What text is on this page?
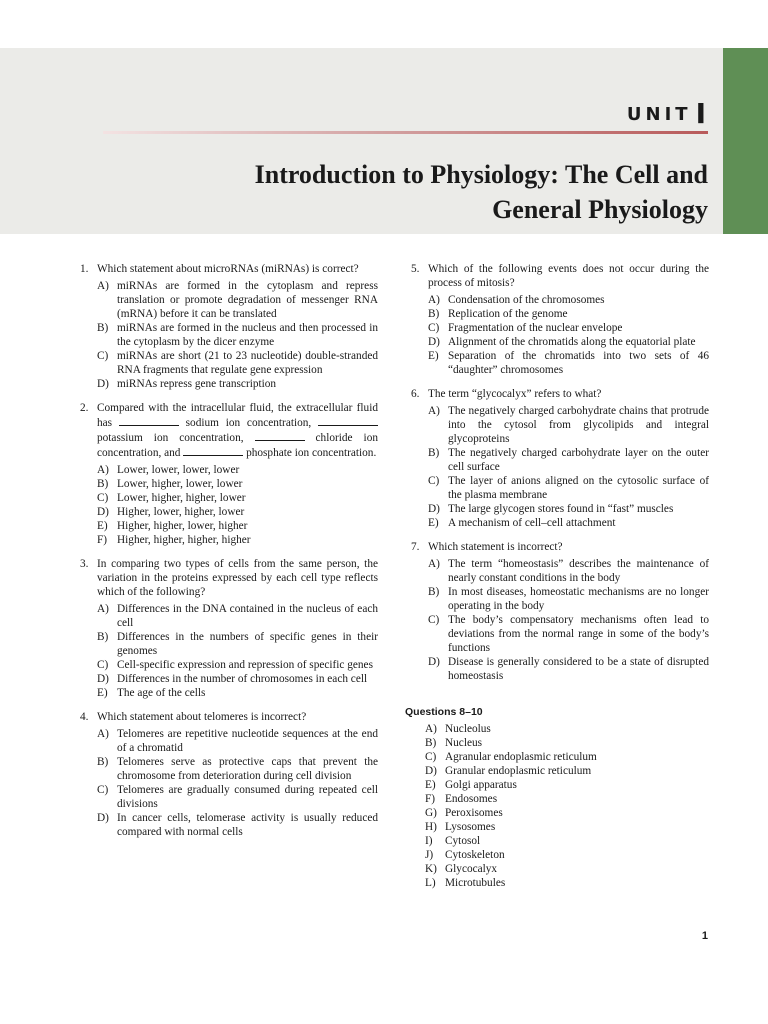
UNIT I
Introduction to Physiology: The Cell and
General Physiology
1. Which statement about microRNAs (miRNAs) is correct?
A) miRNAs are formed in the cytoplasm and repress translation or promote degradation of messenger RNA (mRNA) before it can be translated
B) miRNAs are formed in the nucleus and then processed in the cytoplasm by the dicer enzyme
C) miRNAs are short (21 to 23 nucleotide) double-stranded RNA fragments that regulate gene expression
D) miRNAs repress gene transcription
2. Compared with the intracellular fluid, the extracellular fluid has	sodium ion concentration,  potassium ion concentration,	chloride ion concentration, and	phosphate ion concentration.
A) Lower, lower, lower, lower
B) Lower, higher, lower, lower
C) Lower, higher, higher, lower
D) Higher, lower, higher, lower
E) Higher, higher, lower, higher
F) Higher, higher, higher, higher
3. In comparing two types of cells from the same person, the variation in the proteins expressed by each cell type reflects which of the following?
A) Differences in the DNA contained in the nucleus of each cell
B) Differences in the numbers of specific genes in their genomes
C) Cell-specific expression and repression of specific genes
D) Differences in the number of chromosomes in each cell
E) The age of the cells
4. Which statement about telomeres is incorrect?
A) Telomeres are repetitive nucleotide sequences at the end of a chromatid
B) Telomeres serve as protective caps that prevent the chromosome from deterioration during cell division
C) Telomeres are gradually consumed during repeated cell divisions
D) In cancer cells, telomerase activity is usually reduced compared with normal cells
5. Which of the following events does not occur during the process of mitosis?
A) Condensation of the chromosomes
B) Replication of the genome
C) Fragmentation of the nuclear envelope
D) Alignment of the chromatids along the equatorial plate
E) Separation of the chromatids into two sets of 46 “daughter” chromosomes
6. The term “glycocalyx” refers to what?
A) The negatively charged carbohydrate chains that protrude into the cytosol from glycolipids and integral glycoproteins
B) The negatively charged carbohydrate layer on the outer cell surface
C) The layer of anions aligned on the cytosolic surface of the plasma membrane
D) The large glycogen stores found in “fast” muscles
E) A mechanism of cell–cell attachment
7. Which statement is incorrect?
A) The term “homeostasis” describes the maintenance of nearly constant conditions in the body
B) In most diseases, homeostatic mechanisms are no longer operating in the body
C) The body’s compensatory mechanisms often lead to deviations from the normal range in some of the body’s functions
D) Disease is generally considered to be a state of disrupted homeostasis
Questions 8–10
A) Nucleolus
B) Nucleus
C) Agranular endoplasmic reticulum
D) Granular endoplasmic reticulum
E) Golgi apparatus
F) Endosomes
G) Peroxisomes
H) Lysosomes
I)	Cytosol
J)	Cytoskeleton
K) Glycocalyx
L) Microtubules
1
